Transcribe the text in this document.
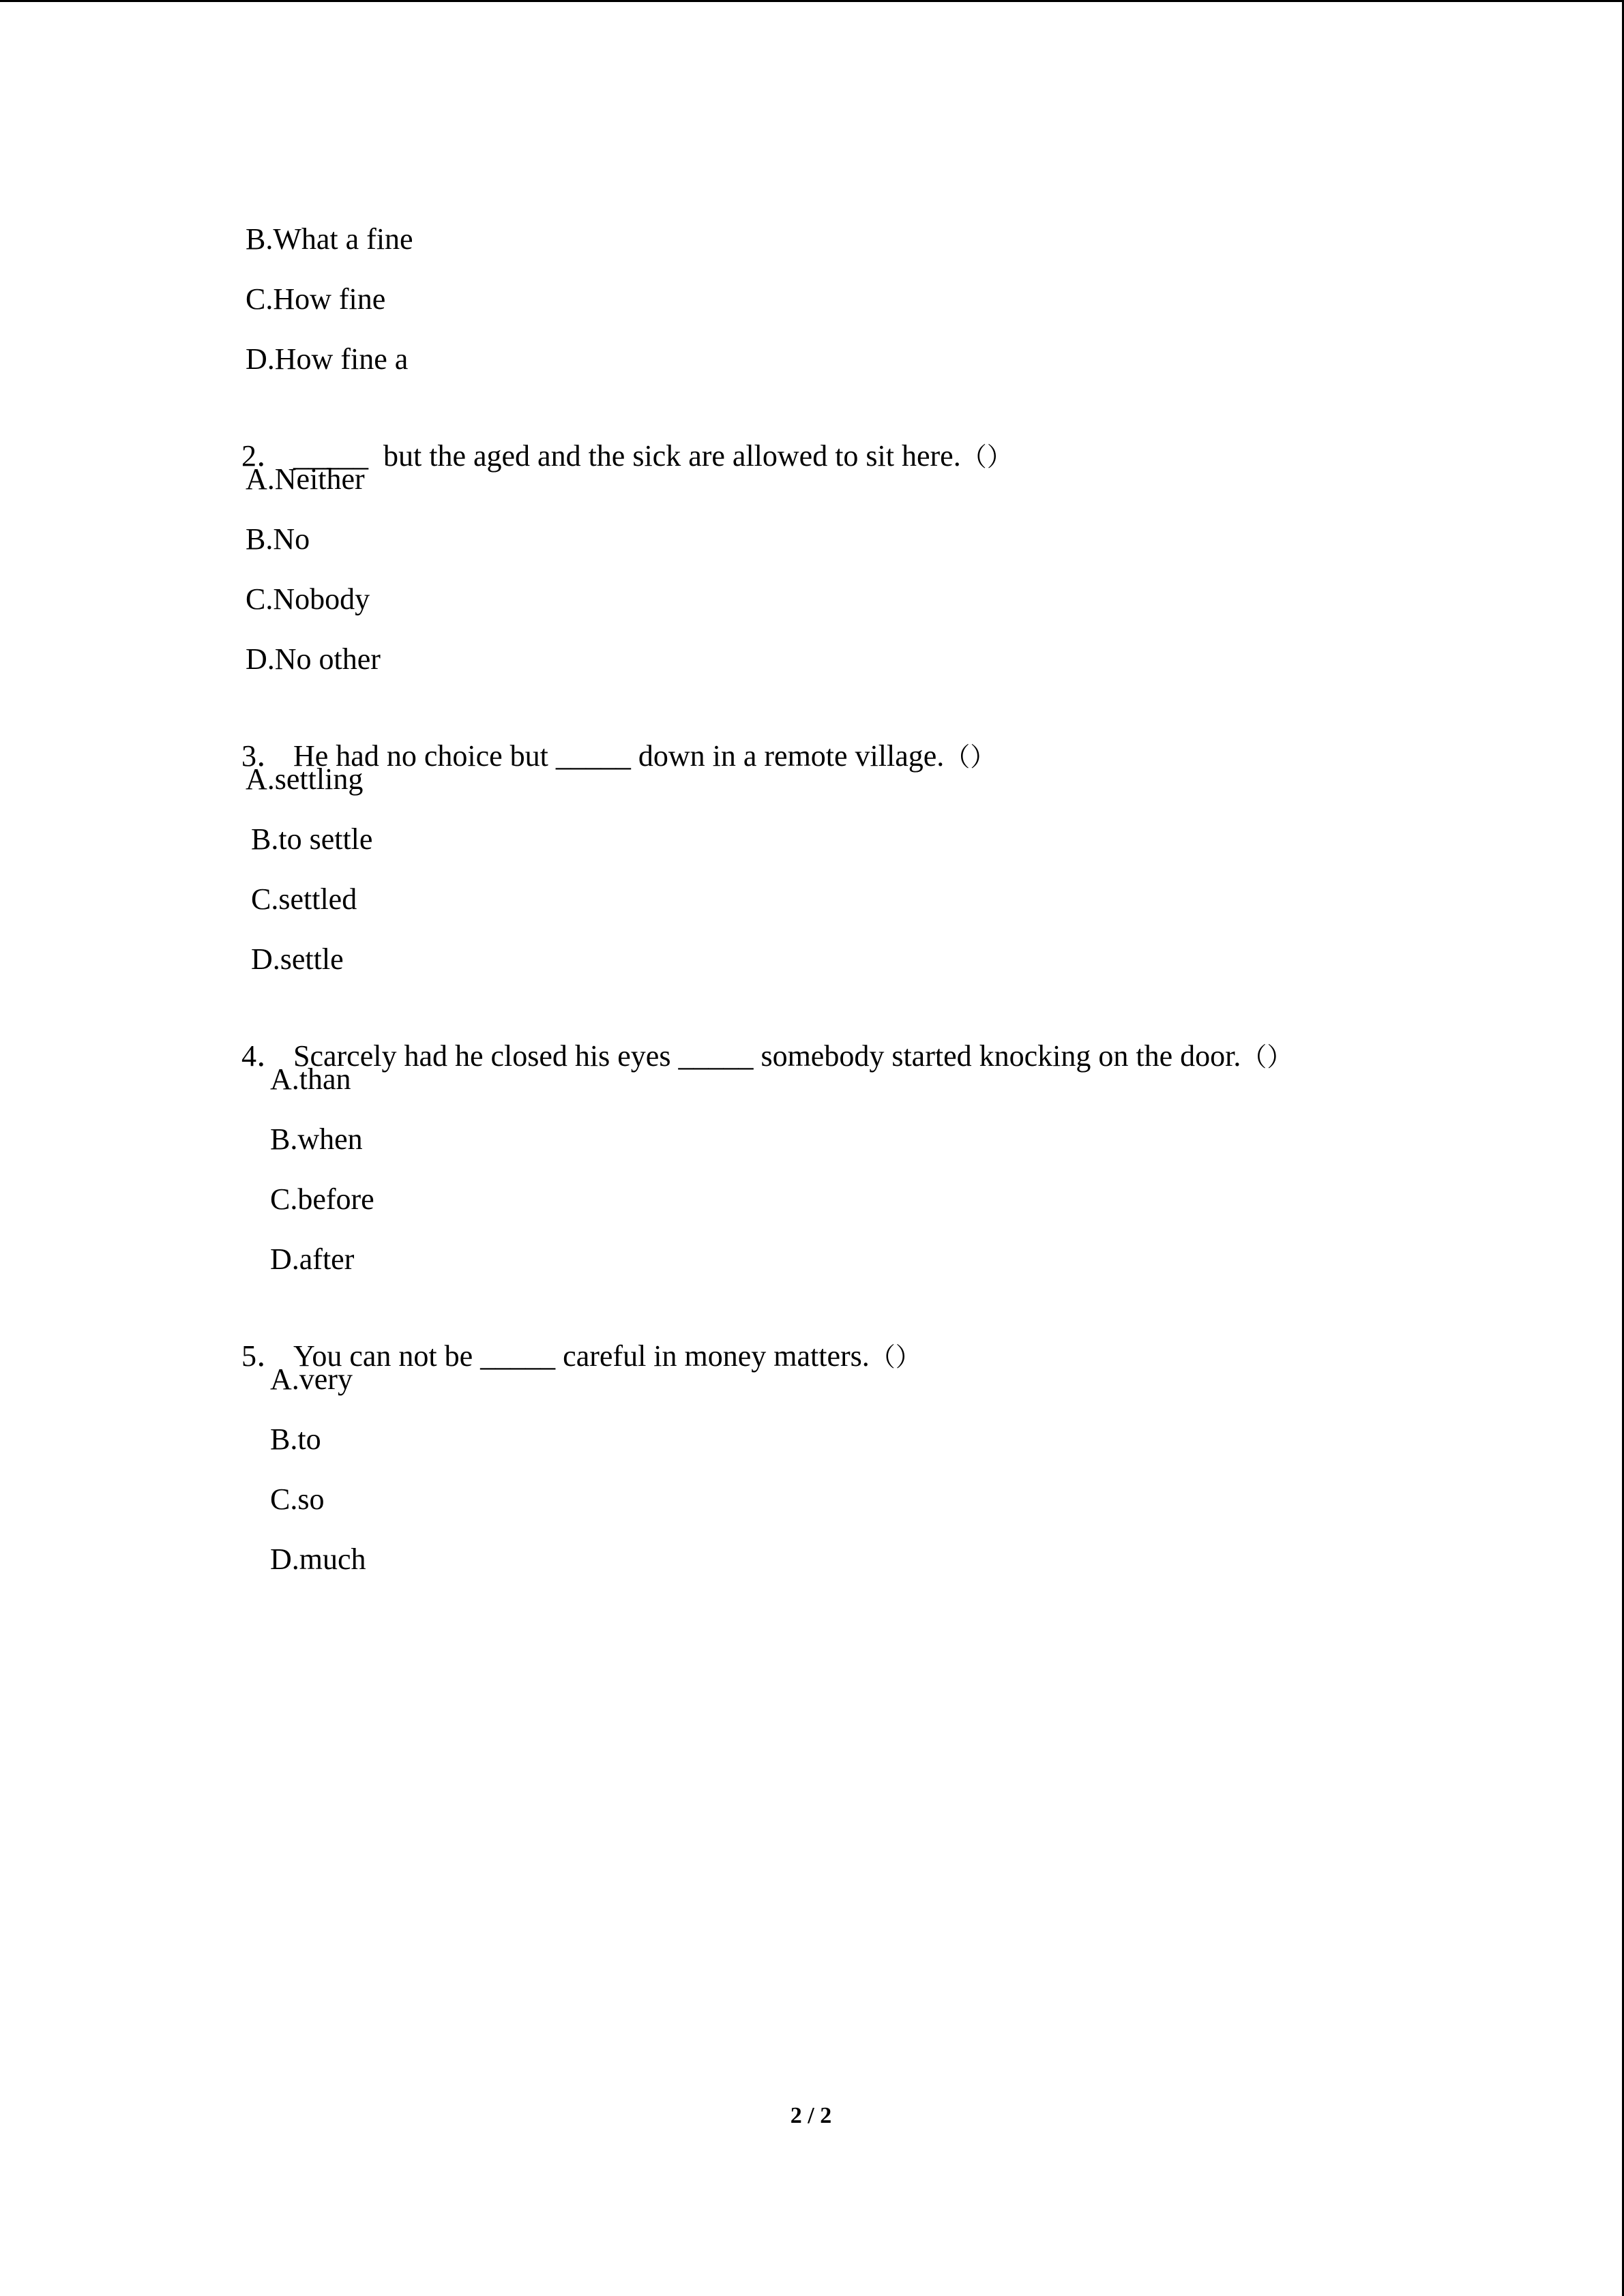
B.What a fine
C.How fine
D.How fine a

2． _____  but the aged and the sick are allowed to sit here.（）

A.Neither
B.No
C.Nobody
D.No other

3． He had no choice but _____ down in a remote village.（）

A.settling
B.to settle
C.settled
D.settle

4． Scarcely had he closed his eyes _____ somebody started knocking on the door.（）

A.than
B.when
C.before
D.after

5． You can not be _____ careful in money matters.（）

A.very
B.to
C.so
D.much
2 / 2
